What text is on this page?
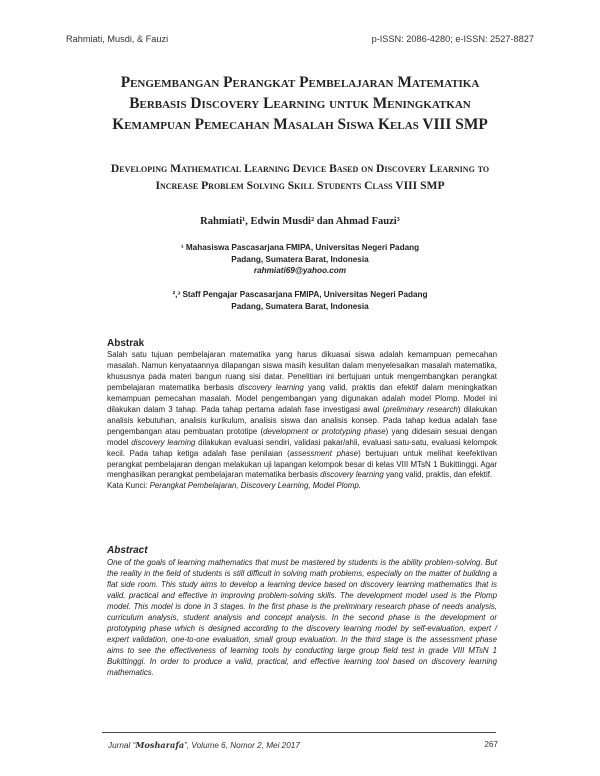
Rahmiati, Musdi, & Fauzi	p-ISSN: 2086-4280; e-ISSN: 2527-8827
Pengembangan Perangkat Pembelajaran Matematika
Berbasis Discovery Learning untuk Meningkatkan
Kemampuan Pemecahan Masalah Siswa Kelas VIII SMP
Developing Mathematical Learning Device Based on Discovery Learning to
Increase Problem Solving Skill Students Class VIII SMP
Rahmiati¹, Edwin Musdi² dan Ahmad Fauzi³
¹ Mahasiswa Pascasarjana FMIPA, Universitas Negeri Padang
Padang, Sumatera Barat, Indonesia
rahmiati69@yahoo.com
²,³ Staff Pengajar Pascasarjana FMIPA, Universitas Negeri Padang
Padang, Sumatera Barat, Indonesia
Abstrak

Salah satu tujuan pembelajaran matematika yang harus dikuasai siswa adalah kemampuan pemecahan masalah. Namun kenyataannya dilapangan siswa masih kesulitan dalam menyelesaikan masalah matematika, khususnya pada materi bangun ruang sisi datar. Penelitian ini bertujuan untuk mengembangkan perangkat pembelajaran matematika berbasis discovery learning yang valid, praktis dan efektif dalam meningkatkan kemampuan pemecahan masalah. Model pengembangan yang digunakan adalah model Plomp. Model ini dilakukan dalam 3 tahap. Pada tahap pertama adalah fase investigasi awal (preliminary research) dilakukan analisis kebutuhan, analisis kurikulum, analisis siswa dan analisis konsep. Pada tahap kedua adalah fase pengembangan atau pembuatan prototipe (development or prototyping phase) yang didesain sesuai dengan model discovery learning dilakukan evaluasi sendiri, validasi pakar/ahli, evaluasi satu-satu, evaluasi kelompok kecil. Pada tahap ketiga adalah fase penilaian (assessment phase) bertujuan untuk melihat keefektivan perangkat pembelajaran dengan melakukan uji lapangan kelompok besar di kelas VIII MTsN 1 Bukittinggi. Agar menghasilkan perangkat pembelajaran matematika berbasis discovery learning yang valid, praktis, dan efektif.

Kata Kunci: Perangkat Pembelajaran, Discovery Learning, Model Plomp.

Abstract

One of the goals of learning mathematics that must be mastered by students is the ability problem-solving. But the reality in the field of students is still difficult in solving math problems, especially on the matter of building a flat side room. This study aims to develop a learning device based on discovery learning mathematics that is valid, practical and effective in improving problem-solving skills. The development model used is the Plomp model. This model is done in 3 stages. In the first phase is the preliminary research phase of needs analysis, curriculum analysis, student analysis and concept analysis. In the second phase is the development or prototyping phase which is designed according to the discovery learning model by self-evaluation, expert / expert validation, one-to-one evaluation, small group evaluation. In the third stage is the assessment phase aims to see the effectiveness of learning tools by conducting large group field test in grade VIII MTsN 1 Bukittinggi. In order to produce a valid, practical, and effective learning tool based on discovery learning mathematics.

Jurnal “Mosharafa”, Volume 6, Nomor 2, Mei 2017	267
